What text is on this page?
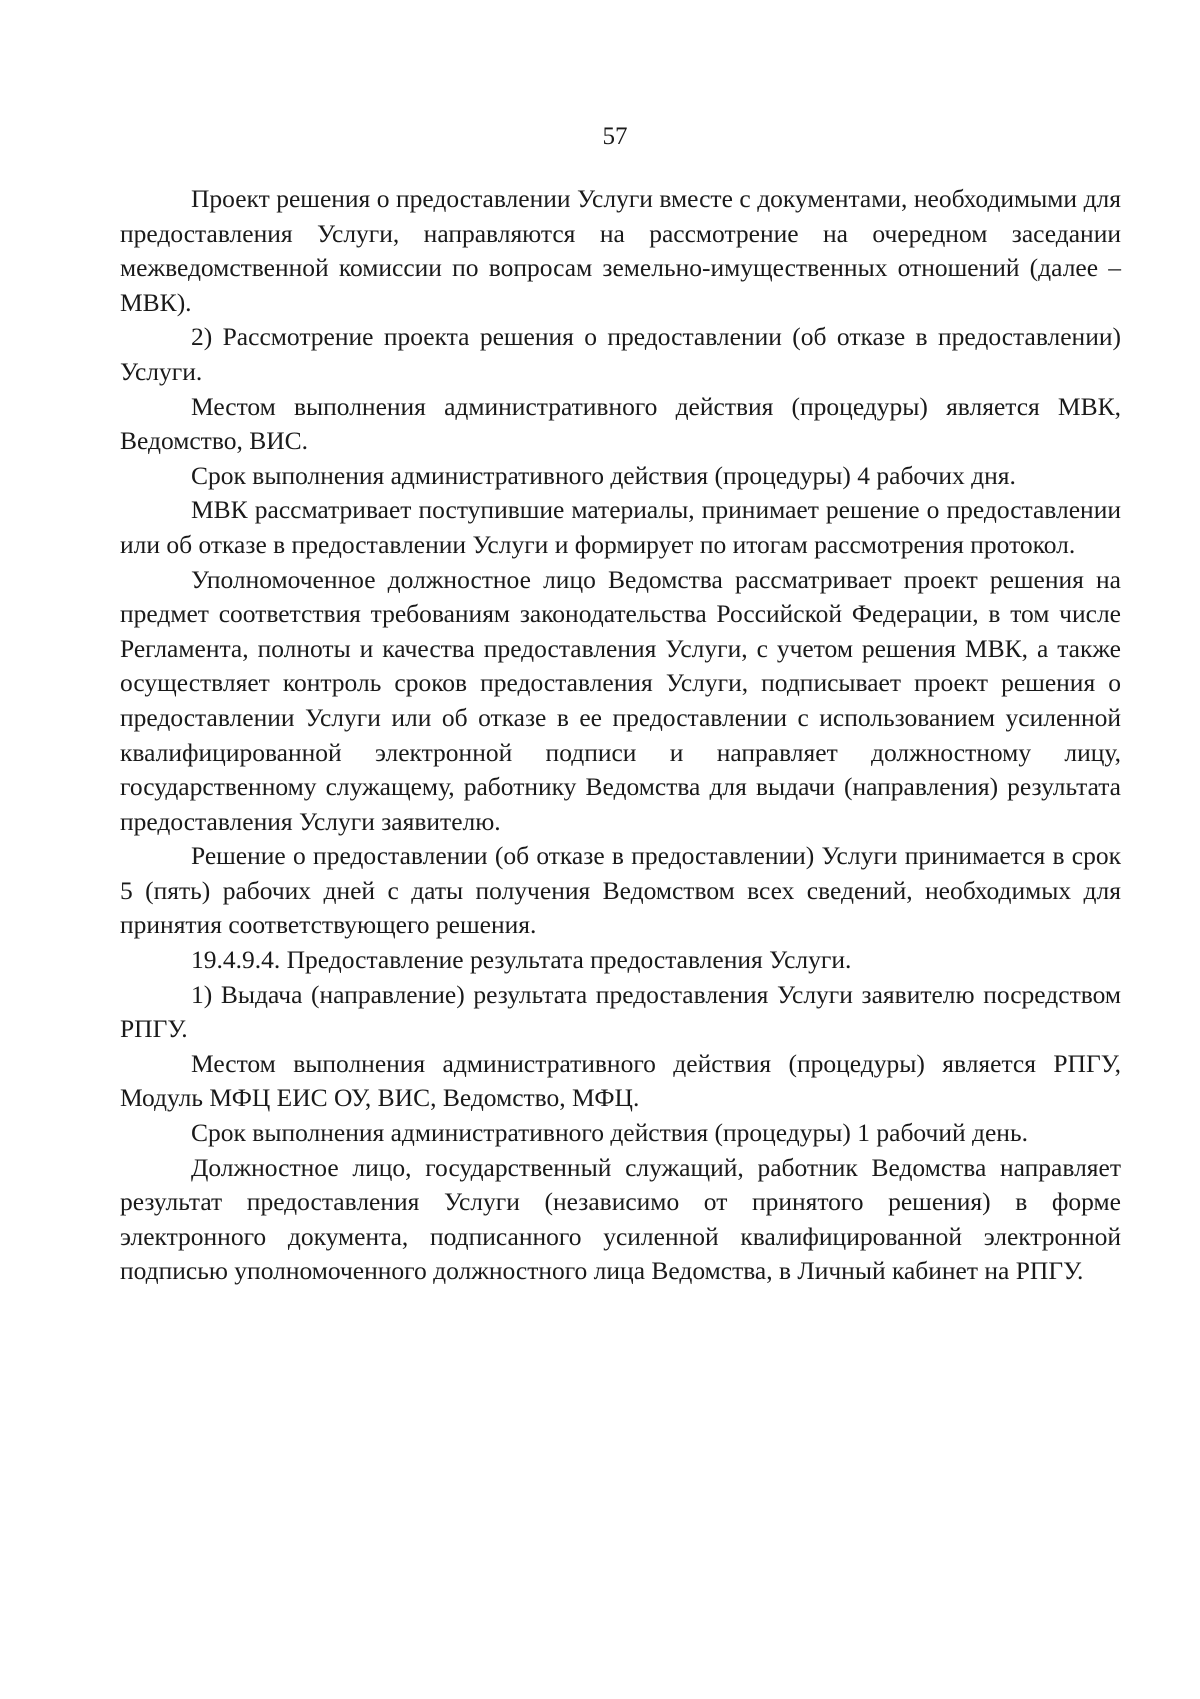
57

Проект решения о предоставлении Услуги вместе с документами, необходимыми для предоставления Услуги, направляются на рассмотрение на очередном заседании межведомственной комиссии по вопросам земельно-имущественных отношений (далее – МВК).

2) Рассмотрение проекта решения о предоставлении (об отказе в предоставлении) Услуги.

Местом выполнения административного действия (процедуры) является МВК, Ведомство, ВИС.

Срок выполнения административного действия (процедуры) 4 рабочих дня.

МВК рассматривает поступившие материалы, принимает решение о предоставлении или об отказе в предоставлении Услуги и формирует по итогам рассмотрения протокол.

Уполномоченное должностное лицо Ведомства рассматривает проект решения на предмет соответствия требованиям законодательства Российской Федерации, в том числе Регламента, полноты и качества предоставления Услуги, с учетом решения МВК, а также осуществляет контроль сроков предоставления Услуги, подписывает проект решения о предоставлении Услуги или об отказе в ее предоставлении с использованием усиленной квалифицированной электронной подписи и направляет должностному лицу, государственному служащему, работнику Ведомства для выдачи (направления) результата предоставления Услуги заявителю.

Решение о предоставлении (об отказе в предоставлении) Услуги принимается в срок 5 (пять) рабочих дней с даты получения Ведомством всех сведений, необходимых для принятия соответствующего решения.

19.4.9.4. Предоставление результата предоставления Услуги.

1) Выдача (направление) результата предоставления Услуги заявителю посредством РПГУ.

Местом выполнения административного действия (процедуры) является РПГУ, Модуль МФЦ ЕИС ОУ, ВИС, Ведомство, МФЦ.

Срок выполнения административного действия (процедуры) 1 рабочий день.

Должностное лицо, государственный служащий, работник Ведомства направляет результат предоставления Услуги (независимо от принятого решения) в форме электронного документа, подписанного усиленной квалифицированной электронной подписью уполномоченного должностного лица Ведомства, в Личный кабинет на РПГУ.
